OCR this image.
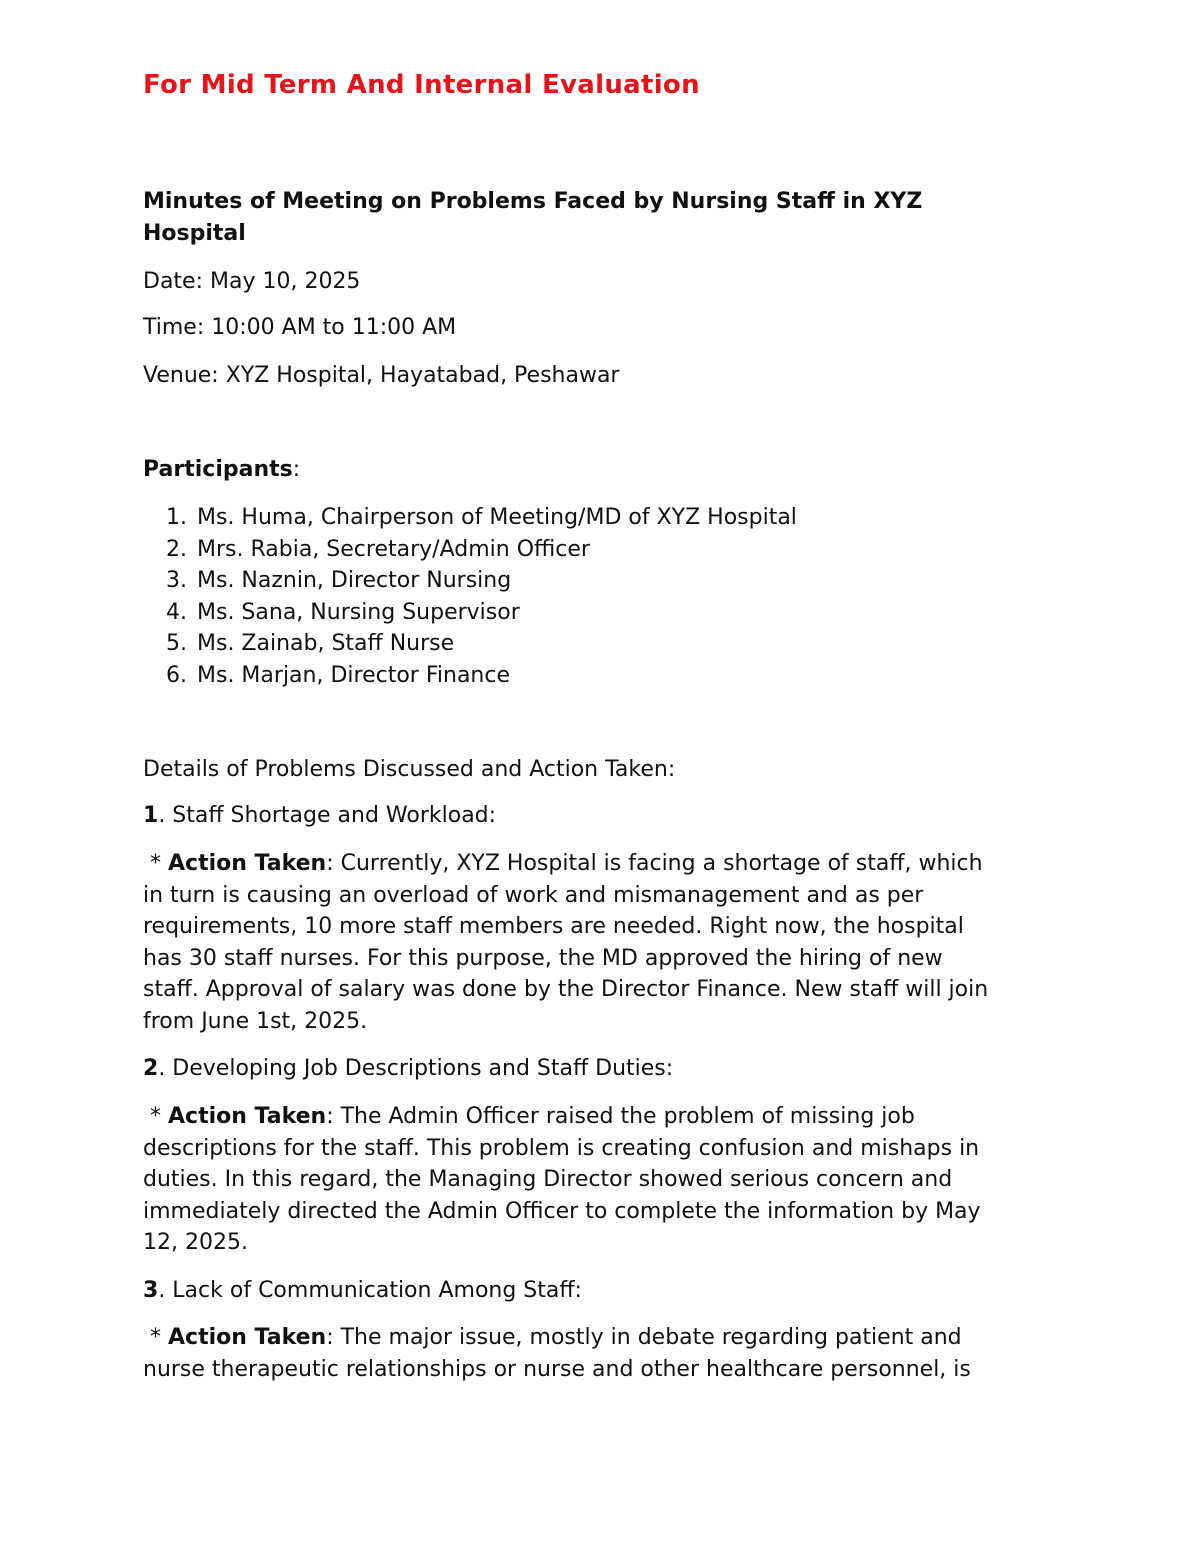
For Mid Term And Internal Evaluation
Minutes of Meeting on Problems Faced by Nursing Staff in XYZ Hospital
Date: May 10, 2025
Time: 10:00 AM to 11:00 AM
Venue: XYZ Hospital, Hayatabad, Peshawar
Participants:
1. Ms. Huma, Chairperson of Meeting/MD of XYZ Hospital
2. Mrs. Rabia, Secretary/Admin Officer
3. Ms. Naznin, Director Nursing
4. Ms. Sana, Nursing Supervisor
5. Ms. Zainab, Staff Nurse
6. Ms. Marjan, Director Finance
Details of Problems Discussed and Action Taken:
1. Staff Shortage and Workload:
* Action Taken: Currently, XYZ Hospital is facing a shortage of staff, which
in turn is causing an overload of work and mismanagement and as per
requirements, 10 more staff members are needed. Right now, the hospital
has 30 staff nurses. For this purpose, the MD approved the hiring of new
staff. Approval of salary was done by the Director Finance. New staff will join
from June 1st, 2025.
2. Developing Job Descriptions and Staff Duties:
* Action Taken: The Admin Officer raised the problem of missing job
descriptions for the staff. This problem is creating confusion and mishaps in
duties. In this regard, the Managing Director showed serious concern and
immediately directed the Admin Officer to complete the information by May
12, 2025.
3. Lack of Communication Among Staff:
* Action Taken: The major issue, mostly in debate regarding patient and
nurse therapeutic relationships or nurse and other healthcare personnel, is
